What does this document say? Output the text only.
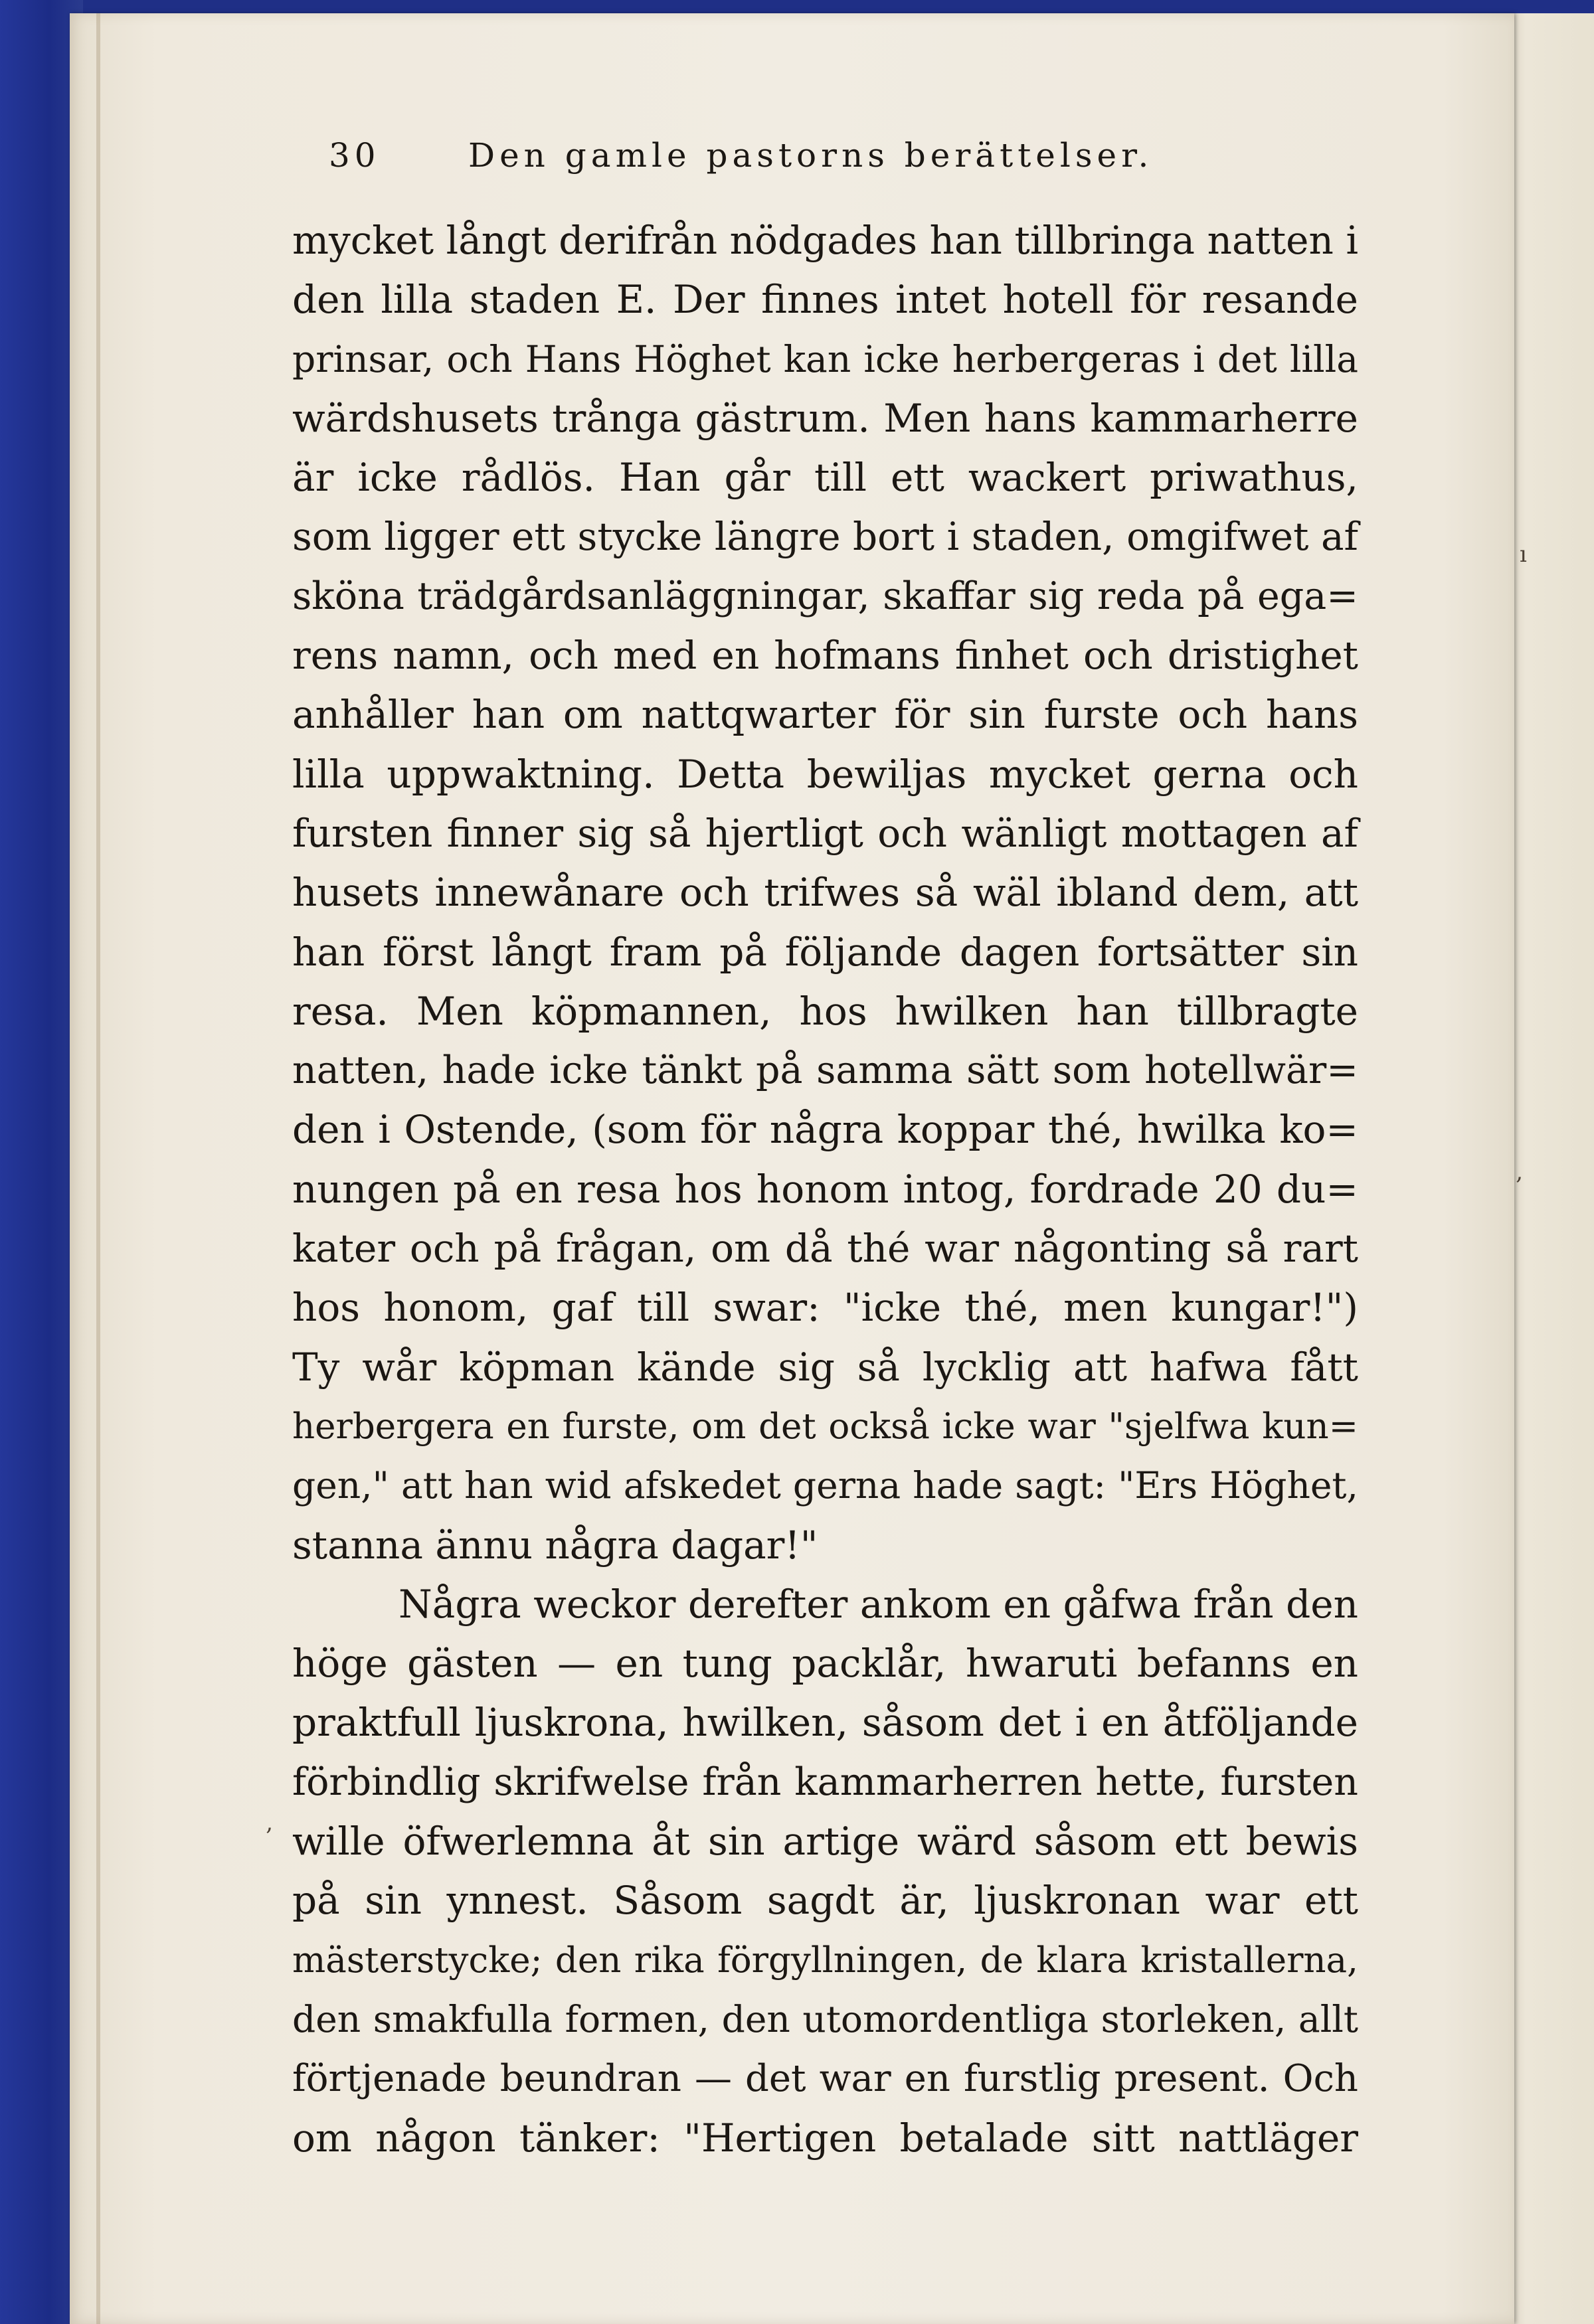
30	Den gamle pastorns berättelser.
mycket långt derifrån nödgades han tillbringa natten i
den lilla staden E. Der finnes intet hotell för resande
prinsar, och Hans Höghet kan icke herbergeras i det lilla
wärdshusets trånga gästrum. Men hans kammarherre
är icke rådlös. Han går till ett wackert priwathus,
som ligger ett stycke längre bort i staden, omgifwet af
sköna trädgårdsanläggningar, skaffar sig reda på ega=
rens namn, och med en hofmans finhet och dristighet
anhåller han om nattqwarter för sin furste och hans
lilla uppwaktning. Detta bewiljas mycket gerna och
fursten finner sig så hjertligt och wänligt mottagen af
husets innewånare och trifwes så wäl ibland dem, att
han först långt fram på följande dagen fortsätter sin
resa. Men köpmannen, hos hwilken han tillbragte
natten, hade icke tänkt på samma sätt som hotellwär=
den i Ostende, (som för några koppar thé, hwilka ko=
nungen på en resa hos honom intog, fordrade 20 du=
kater och på frågan, om då thé war någonting så rart
hos honom, gaf till swar: "icke thé, men kungar!")
Ty wår köpman kände sig så lycklig att hafwa fått
herbergera en furste, om det också icke war "sjelfwa kun=
gen," att han wid afskedet gerna hade sagt: "Ers Höghet,
stanna ännu några dagar!"
Några weckor derefter ankom en gåfwa från den
höge gästen — en tung packlår, hwaruti befanns en
praktfull ljuskrona, hwilken, såsom det i en åtföljande
förbindlig skrifwelse från kammarherren hette, fursten
wille öfwerlemna åt sin artige wärd såsom ett bewis
på sin ynnest. Såsom sagdt är, ljuskronan war ett
mästerstycke; den rika förgyllningen, de klara kristallerna,
den smakfulla formen, den utomordentliga storleken, allt
förtjenade beundran — det war en furstlig present. Och
om någon tänker: "Hertigen betalade sitt nattläger
ı
‚
‚
